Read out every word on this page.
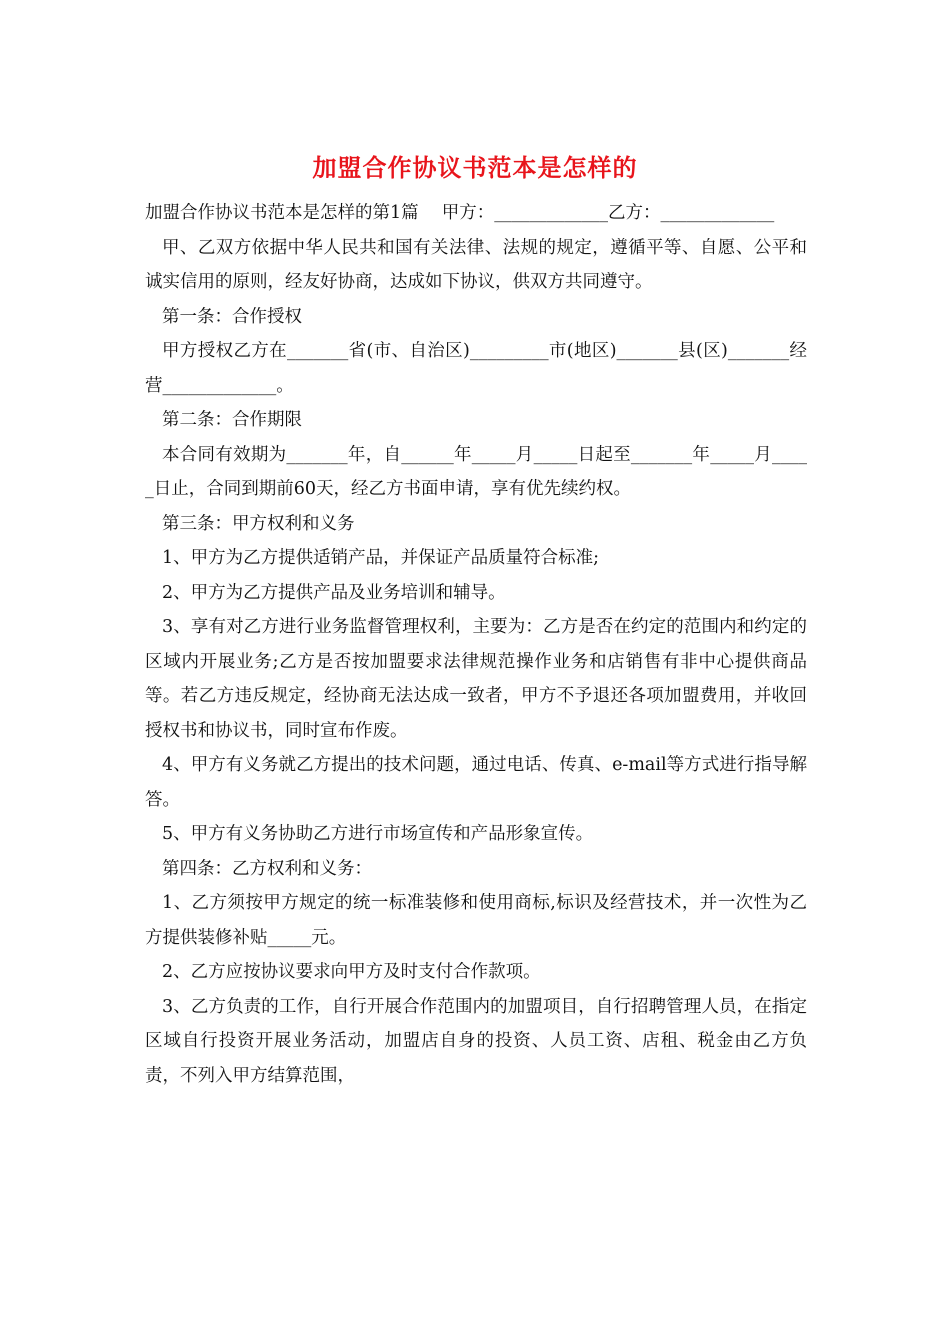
加盟合作协议书范本是怎样的

加盟合作协议书范本是怎样的第1篇　 甲方：_____________乙方：_____________

甲、乙双方依据中华人民共和国有关法律、法规的规定，遵循平等、自愿、公平和诚实信用的原则，经友好协商，达成如下协议，供双方共同遵守。

第一条：合作授权

甲方授权乙方在_______省(市、自治区)_________市(地区)_______县(区)_______经营_____________。

第二条：合作期限

本合同有效期为_______年，自______年_____月_____日起至_______年_____月_____日止，合同到期前60天，经乙方书面申请，享有优先续约权。

第三条：甲方权利和义务

1、甲方为乙方提供适销产品，并保证产品质量符合标准;

2、甲方为乙方提供产品及业务培训和辅导。

3、享有对乙方进行业务监督管理权利，主要为：乙方是否在约定的范围内和约定的区域内开展业务;乙方是否按加盟要求法律规范操作业务和店销售有非中心提供商品等。若乙方违反规定，经协商无法达成一致者，甲方不予退还各项加盟费用，并收回授权书和协议书，同时宣布作废。

4、甲方有义务就乙方提出的技术问题，通过电话、传真、e-mail等方式进行指导解答。

5、甲方有义务协助乙方进行市场宣传和产品形象宣传。

第四条：乙方权利和义务：

1、乙方须按甲方规定的统一标准装修和使用商标,标识及经营技术，并一次性为乙方提供装修补贴_____元。

2、乙方应按协议要求向甲方及时支付合作款项。

3、乙方负责的工作，自行开展合作范围内的加盟项目，自行招聘管理人员，在指定区域自行投资开展业务活动，加盟店自身的投资、人员工资、店租、税金由乙方负责，不列入甲方结算范围，
